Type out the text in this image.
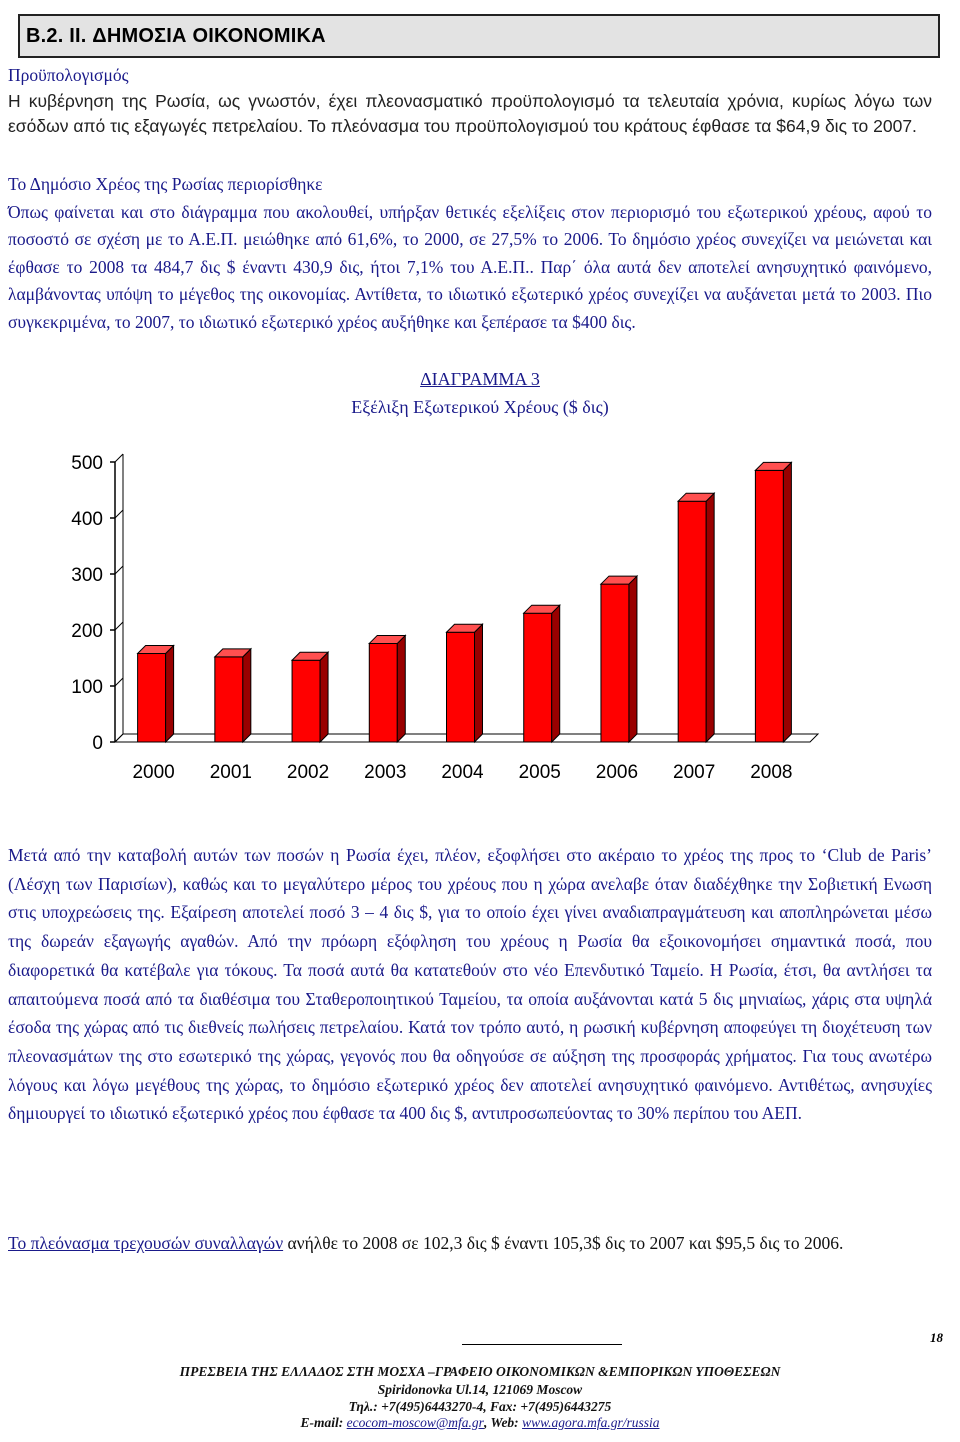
B.2. II. ΔΗΜΟΣΙΑ ΟΙΚΟΝΟΜΙΚΑ
Προϋπολογισμός
Η κυβέρνηση της Ρωσία, ως γνωστόν, έχει πλεονασματικό προϋπολογισμό τα τελευταία χρόνια, κυρίως λόγω των εσόδων από τις εξαγωγές πετρελαίου. Το πλεόνασμα του προϋπολογισμού του κράτους έφθασε τα $64,9 δις το 2007.
Το Δημόσιο Χρέος της Ρωσίας περιορίσθηκε
Όπως φαίνεται και στο διάγραμμα που ακολουθεί, υπήρξαν θετικές εξελίξεις στον περιορισμό του εξωτερικού χρέους, αφού το ποσοστό σε σχέση με το Α.Ε.Π. μειώθηκε από 61,6%, το 2000, σε 27,5% το 2006. Το δημόσιο χρέος συνεχίζει να μειώνεται και έφθασε το 2008 τα 484,7 δις $ έναντι 430,9 δις, ήτοι 7,1% του Α.Ε.Π.. Παρ΄ όλα αυτά δεν αποτελεί ανησυχητικό φαινόμενο, λαμβάνοντας υπόψη το μέγεθος της οικονομίας. Αντίθετα, το ιδιωτικό εξωτερικό χρέος συνεχίζει να αυξάνεται μετά το 2003. Πιο συγκεκριμένα, το 2007, το ιδιωτικό εξωτερικό χρέος αυξήθηκε και ξεπέρασε τα $400 δις.
ΔΙΑΓΡΑΜΜΑ 3
Εξέλιξη Εξωτερικού Χρέους ($ δις)
0
100
200
300
400
500
2000 2001 2002 2003 2004 2005 2006 2007 2008
Μετά από την καταβολή αυτών των ποσών η Ρωσία έχει, πλέον, εξοφλήσει στο ακέραιο το χρέος της προς το ‘Club de Paris’ (Λέσχη των Παρισίων), καθώς και το μεγαλύτερο μέρος του χρέους που η χώρα ανελαβε όταν διαδέχθηκε την Σοβιετική Ενωση στις υποχρεώσεις της. Εξαίρεση αποτελεί ποσό 3 – 4 δις $, για το οποίο έχει γίνει αναδιαπραγμάτευση και αποπληρώνεται μέσω της δωρεάν εξαγωγής αγαθών. Από την πρόωρη εξόφληση του χρέους η Ρωσία θα εξοικονομήσει σημαντικά ποσά, που διαφορετικά θα κατέβαλε για τόκους. Τα ποσά αυτά θα κατατεθούν στο νέο Επενδυτικό Ταμείο. Η Ρωσία, έτσι, θα αντλήσει τα απαιτούμενα ποσά από τα διαθέσιμα του Σταθεροποιητικού Ταμείου, τα οποία αυξάνονται κατά 5 δις μηνιαίως, χάρις στα υψηλά έσοδα της χώρας από τις διεθνείς πωλήσεις πετρελαίου. Κατά τον τρόπο αυτό, η ρωσική κυβέρνηση αποφεύγει τη διοχέτευση των πλεονασμάτων της στο εσωτερικό της χώρας, γεγονός που θα οδηγούσε σε αύξηση της προσφοράς χρήματος. Για τους ανωτέρω λόγους και λόγω μεγέθους της χώρας, το δημόσιο εξωτερικό χρέος δεν αποτελεί ανησυχητικό φαινόμενο. Αντιθέτως, ανησυχίες δημιουργεί το ιδιωτικό εξωτερικό χρέος που έφθασε τα 400 δις $, αντιπροσωπεύοντας το 30% περίπου του ΑΕΠ.
Το πλεόνασμα τρεχουσών συναλλαγών ανήλθε το 2008 σε 102,3 δις $ έναντι 105,3$ δις το 2007 και $95,5 δις το 2006.
18
ΠΡΕΣΒΕΙΑ ΤΗΣ ΕΛΛΑΔΟΣ ΣΤΗ ΜΟΣΧΑ –ΓΡΑΦΕΙΟ ΟΙΚΟΝΟΜΙΚΩΝ &ΕΜΠΟΡΙΚΩΝ ΥΠΟΘΕΣΕΩΝ
Spiridonovka Ul.14, 121069 Moscow
Τηλ.: +7(495)6443270-4, Fax: +7(495)6443275
E-mail: ecocom-moscow@mfa.gr, Web: www.agora.mfa.gr/russia
